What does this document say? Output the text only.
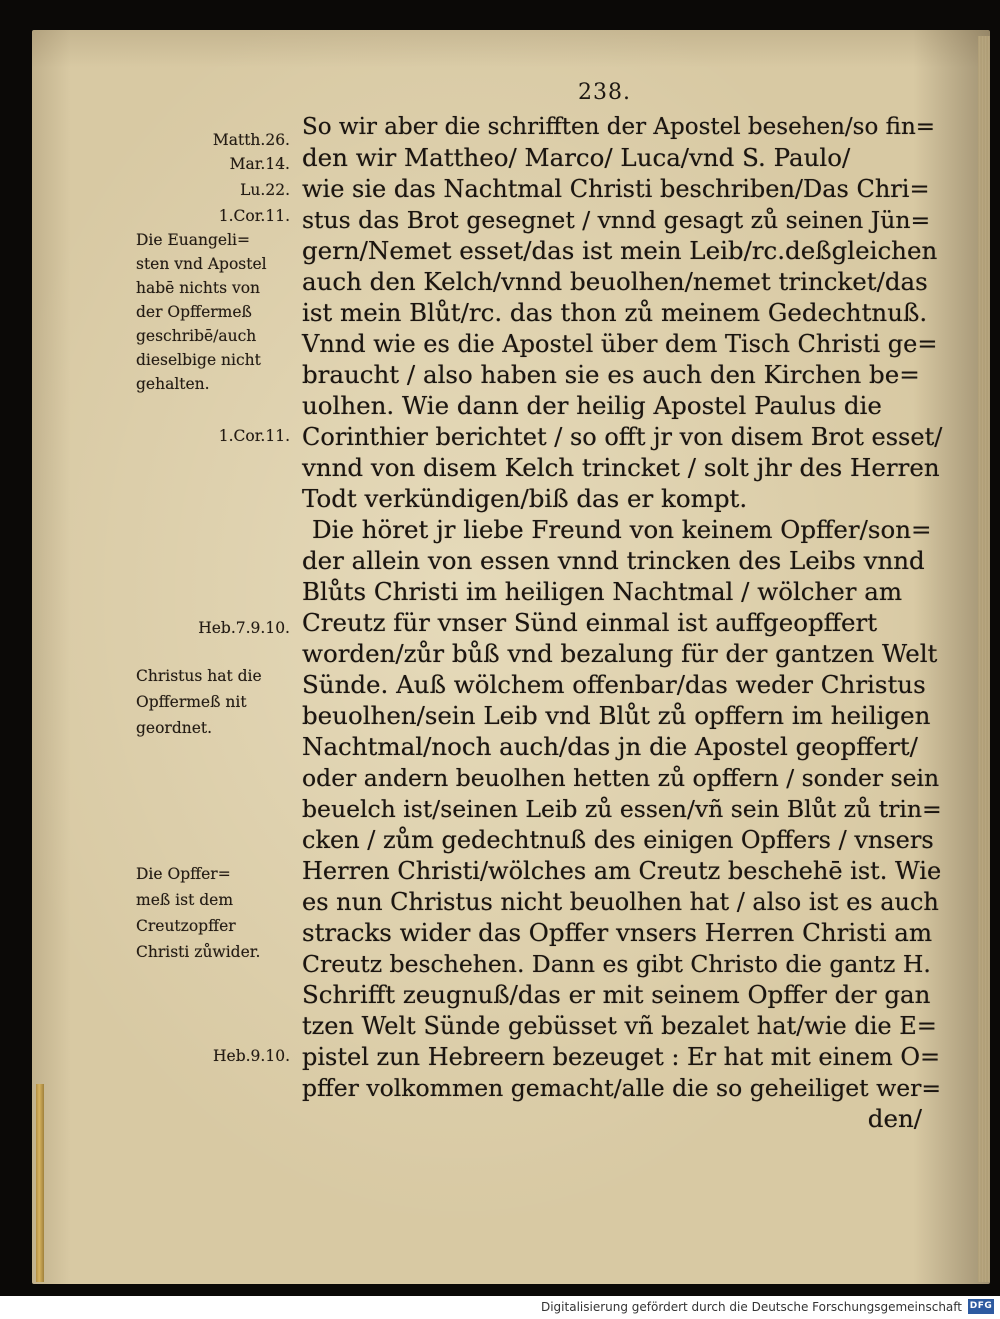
238.
So wir aber die schrifften der Apostel besehen/so fin=
den wir Mattheo/ Marco/ Luca/vnd S. Paulo/
wie sie das Nachtmal Christi beschriben/Das Chri=
stus das Brot gesegnet / vnnd gesagt zů seinen Jün=
gern/Nemet esset/das ist mein Leib/rc.deßgleichen
auch den Kelch/vnnd beuolhen/nemet trincket/das
ist mein Blůt/rc. das thon zů meinem Gedechtnuß.
Vnnd wie es die Apostel über dem Tisch Christi ge=
braucht / also haben sie es auch den Kirchen be=
uolhen. Wie dann der heilig Apostel Paulus die
Corinthier berichtet / so offt jr von disem Brot esset/
vnnd von disem Kelch trincket / solt jhr des Herren
Todt verkündigen/biß das er kompt.
Die höret jr liebe Freund von keinem Opffer/son=
der allein von essen vnnd trincken des Leibs vnnd
Blůts Christi im heiligen Nachtmal / wölcher am
Creutz für vnser Sünd einmal ist auffgeopffert
worden/zůr bůß vnd bezalung für der gantzen Welt
Sünde. Auß wölchem offenbar/das weder Christus
beuolhen/sein Leib vnd Blůt zů opffern im heiligen
Nachtmal/noch auch/das jn die Apostel geopffert/
oder andern beuolhen hetten zů opffern / sonder sein
beuelch ist/seinen Leib zů essen/vñ sein Blůt zů trin=
cken / zům gedechtnuß des einigen Opffers / vnsers
Herren Christi/wölches am Creutz beschehē ist. Wie
es nun Christus nicht beuolhen hat / also ist es auch
stracks wider das Opffer vnsers Herren Christi am
Creutz beschehen. Dann es gibt Christo die gantz H.
Schrifft zeugnuß/das er mit seinem Opffer der gan
tzen Welt Sünde gebüsset vñ bezalet hat/wie die E=
pistel zun Hebreern bezeuget : Er hat mit einem O=
pffer volkommen gemacht/alle die so geheiliget wer=
den/
Matth.26.
Mar.14.
Lu.22.
1.Cor.11.
Die Euangeli=
sten vnd Apostel
habē nichts von
der Opffermeß
geschribē/auch
dieselbige nicht
gehalten.
1.Cor.11.
Heb.7.9.10.
Christus hat die
Opffermeß nit
geordnet.
Die Opffer=
meß ist dem
Creutzopffer
Christi zůwider.
Heb.9.10.
Digitalisierung gefördert durch die Deutsche Forschungsgemeinschaft DFG
